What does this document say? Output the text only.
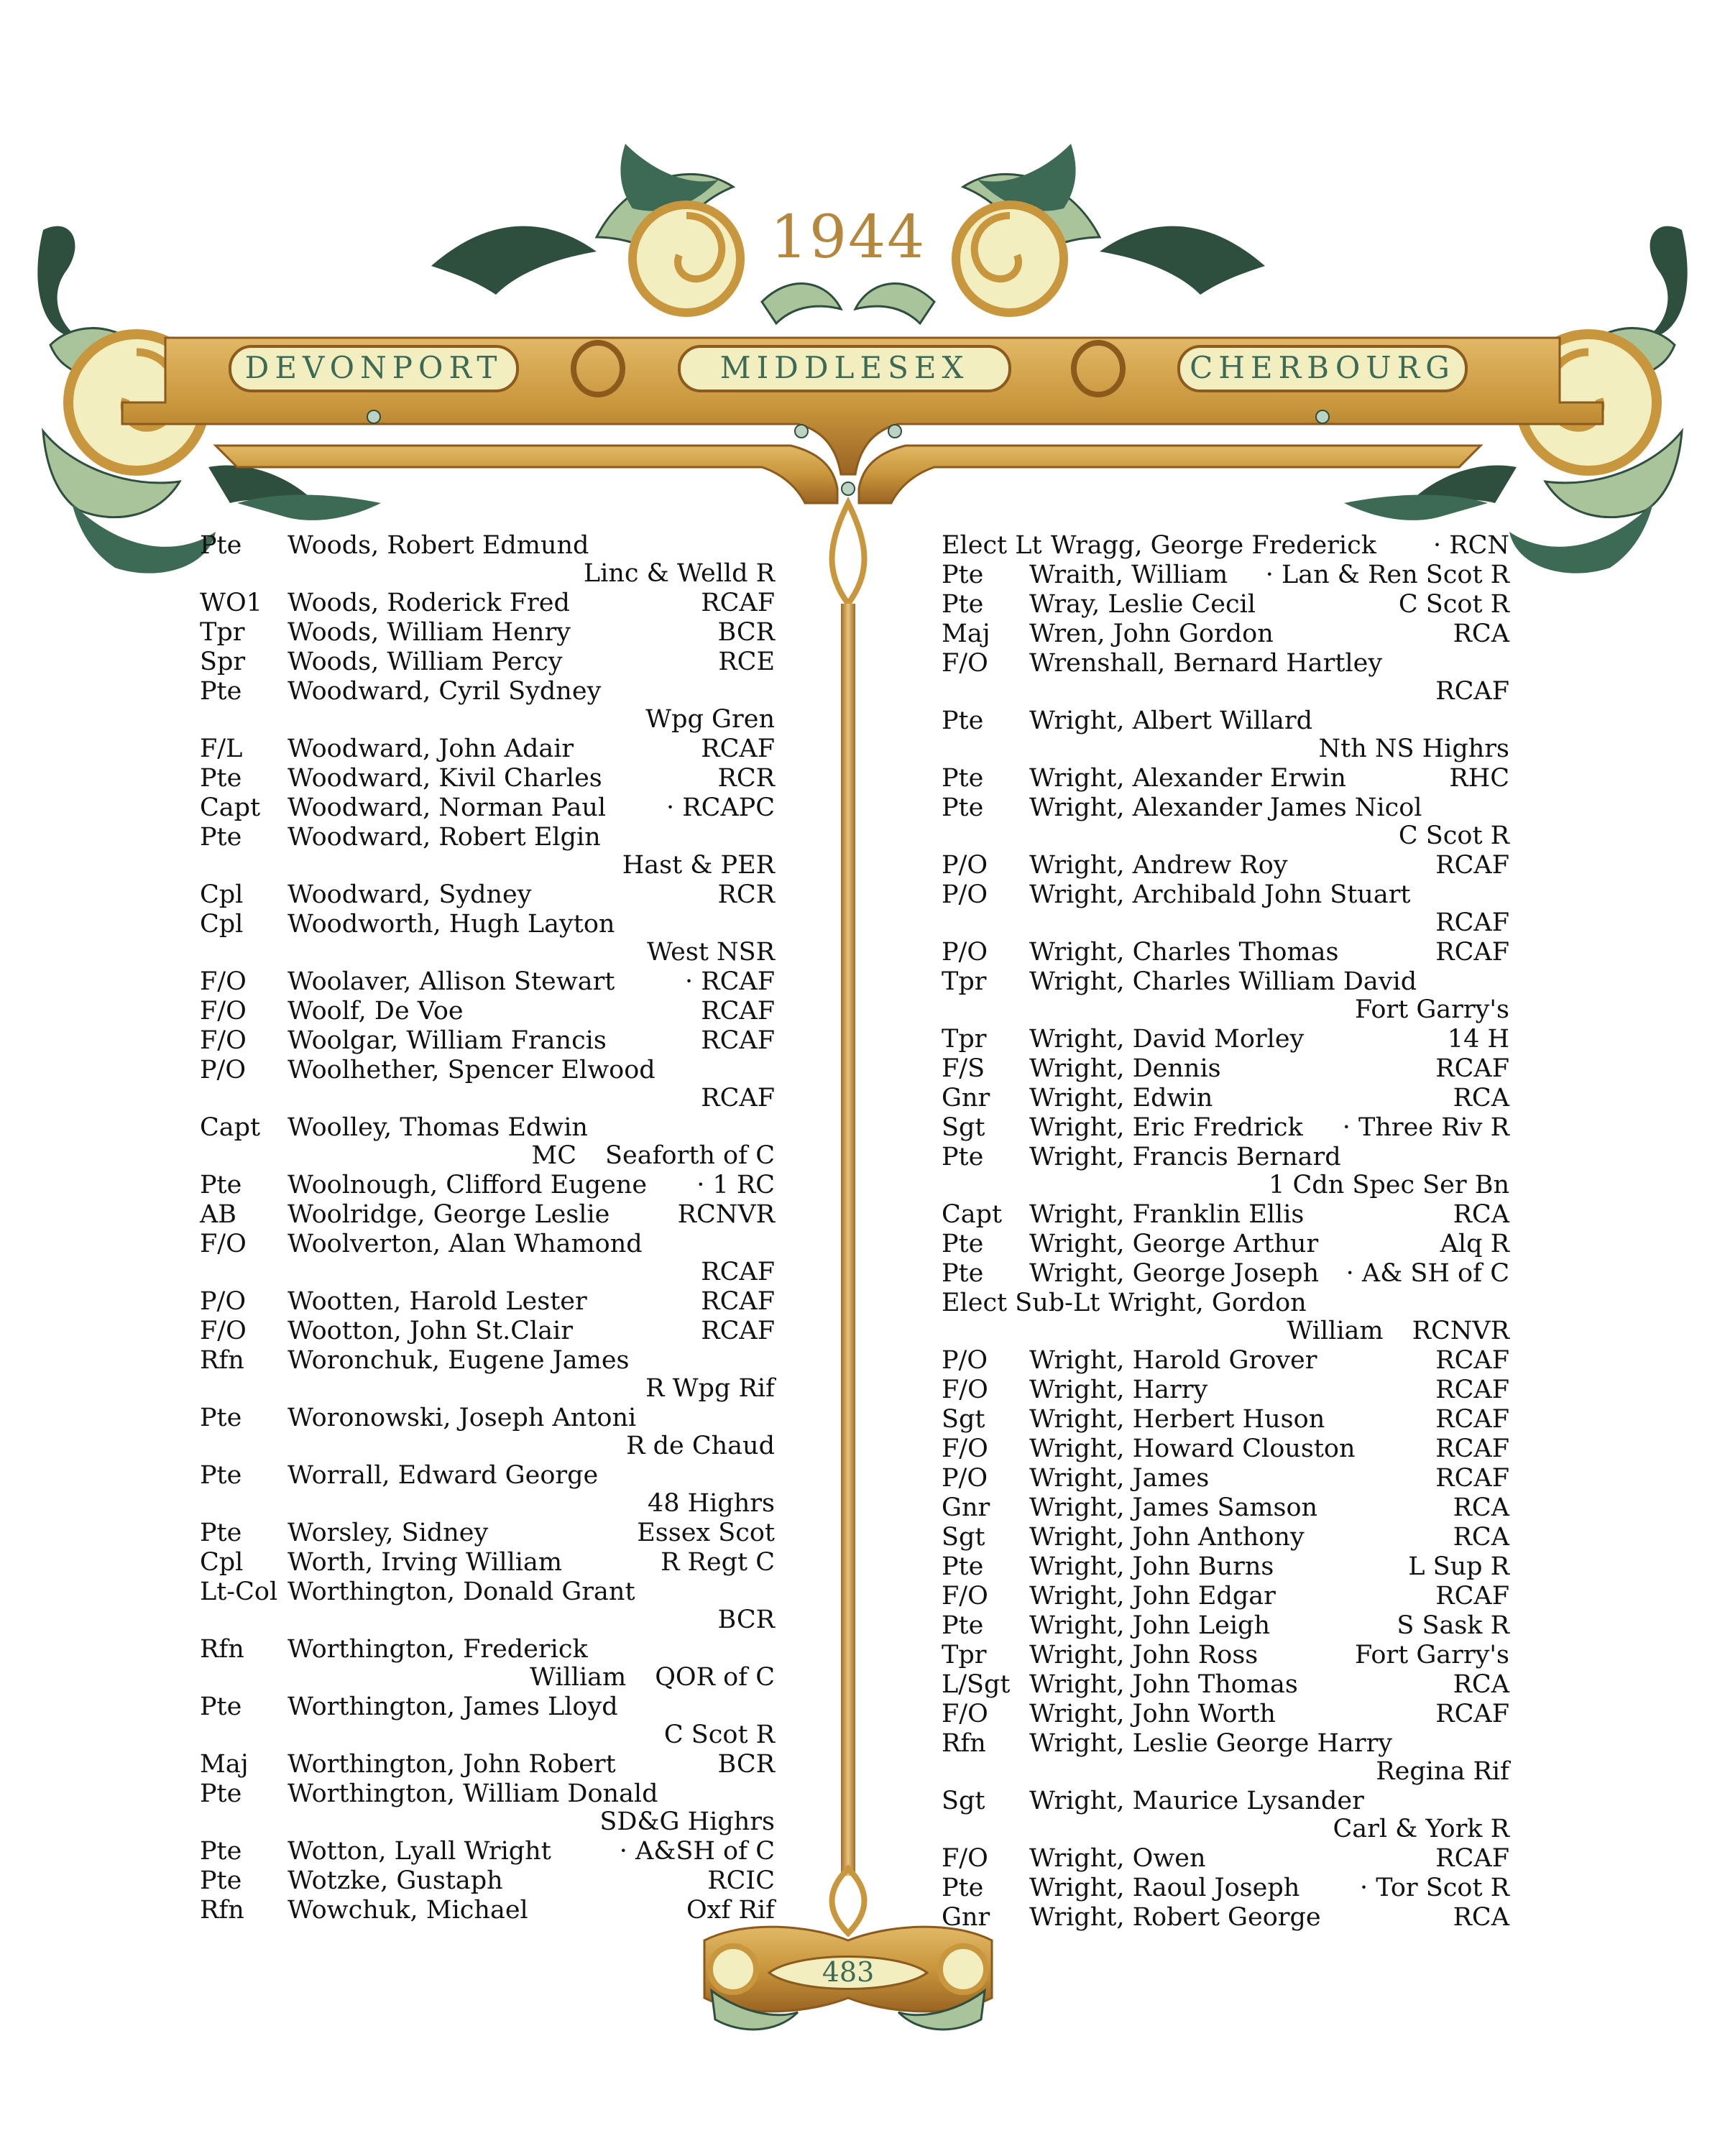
1944
DEVONPORT	MIDDLESEX	CHERBOURG
Pte	Woods, Robert Edmund
Linc & Welld R
WO1	Woods, Roderick Fred	RCAF
Tpr	Woods, William Henry	BCR
Spr	Woods, William Percy	RCE
Pte	Woodward, Cyril Sydney
Wpg Gren
F/L	Woodward, John Adair	RCAF
Pte	Woodward, Kivil Charles	RCR
Capt	Woodward, Norman Paul	· RCAPC
Pte	Woodward, Robert Elgin
Hast & PER
Cpl	Woodward, Sydney	RCR
Cpl	Woodworth, Hugh Layton
West NSR
F/O	Woolaver, Allison Stewart	· RCAF
F/O	Woolf, De Voe	RCAF
F/O	Woolgar, William Francis	RCAF
P/O	Woolhether, Spencer Elwood
RCAF
Capt	Woolley, Thomas Edwin
MC Seaforth of C
Pte	Woolnough, Clifford Eugene	· 1 RC
AB	Woolridge, George Leslie	RCNVR
F/O	Woolverton, Alan Whamond
RCAF
P/O	Wootten, Harold Lester	RCAF
F/O	Wootton, John St.Clair	RCAF
Rfn	Woronchuk, Eugene James
R Wpg Rif
Pte	Woronowski, Joseph Antoni
R de Chaud
Pte	Worrall, Edward George
48 Highrs
Pte	Worsley, Sidney	Essex Scot
Cpl	Worth, Irving William	R Regt C
Lt-Col Worthington, Donald Grant
BCR
Rfn	Worthington, Frederick
William QOR of C
Pte	Worthington, James Lloyd
C Scot R
Maj	Worthington, John Robert	BCR
Pte	Worthington, William Donald
SD&G Highrs
Pte	Wotton, Lyall Wright	· A&SH of C
Pte	Wotzke, Gustaph	RCIC
Rfn	Wowchuk, Michael	Oxf Rif
Elect Lt Wragg, George Frederick	· RCN
Pte	Wraith, William	· Lan & Ren Scot R
Pte	Wray, Leslie Cecil	C Scot R
Maj	Wren, John Gordon	RCA
F/O	Wrenshall, Bernard Hartley
RCAF
Pte	Wright, Albert Willard
Nth NS Highrs
Pte	Wright, Alexander Erwin	RHC
Pte	Wright, Alexander James Nicol
C Scot R
P/O	Wright, Andrew Roy	RCAF
P/O	Wright, Archibald John Stuart
RCAF
P/O	Wright, Charles Thomas	RCAF
Tpr	Wright, Charles William David
Fort Garry's
Tpr	Wright, David Morley	14 H
F/S	Wright, Dennis	RCAF
Gnr	Wright, Edwin	RCA
Sgt	Wright, Eric Fredrick	· Three Riv R
Pte	Wright, Francis Bernard
1 Cdn Spec Ser Bn
Capt	Wright, Franklin Ellis	RCA
Pte	Wright, George Arthur	Alq R
Pte	Wright, George Joseph	· A& SH of C
Elect Sub-Lt Wright, Gordon
William RCNVR
P/O	Wright, Harold Grover	RCAF
F/O	Wright, Harry	RCAF
Sgt	Wright, Herbert Huson	RCAF
F/O	Wright, Howard Clouston	RCAF
P/O	Wright, James	RCAF
Gnr	Wright, James Samson	RCA
Sgt	Wright, John Anthony	RCA
Pte	Wright, John Burns	L Sup R
F/O	Wright, John Edgar	RCAF
Pte	Wright, John Leigh	S Sask R
Tpr	Wright, John Ross	Fort Garry's
L/Sgt Wright, John Thomas	RCA
F/O	Wright, John Worth	RCAF
Rfn	Wright, Leslie George Harry
Regina Rif
Sgt	Wright, Maurice Lysander
Carl & York R
F/O	Wright, Owen	RCAF
Pte	Wright, Raoul Joseph	· Tor Scot R
Gnr	Wright, Robert George	RCA
483
